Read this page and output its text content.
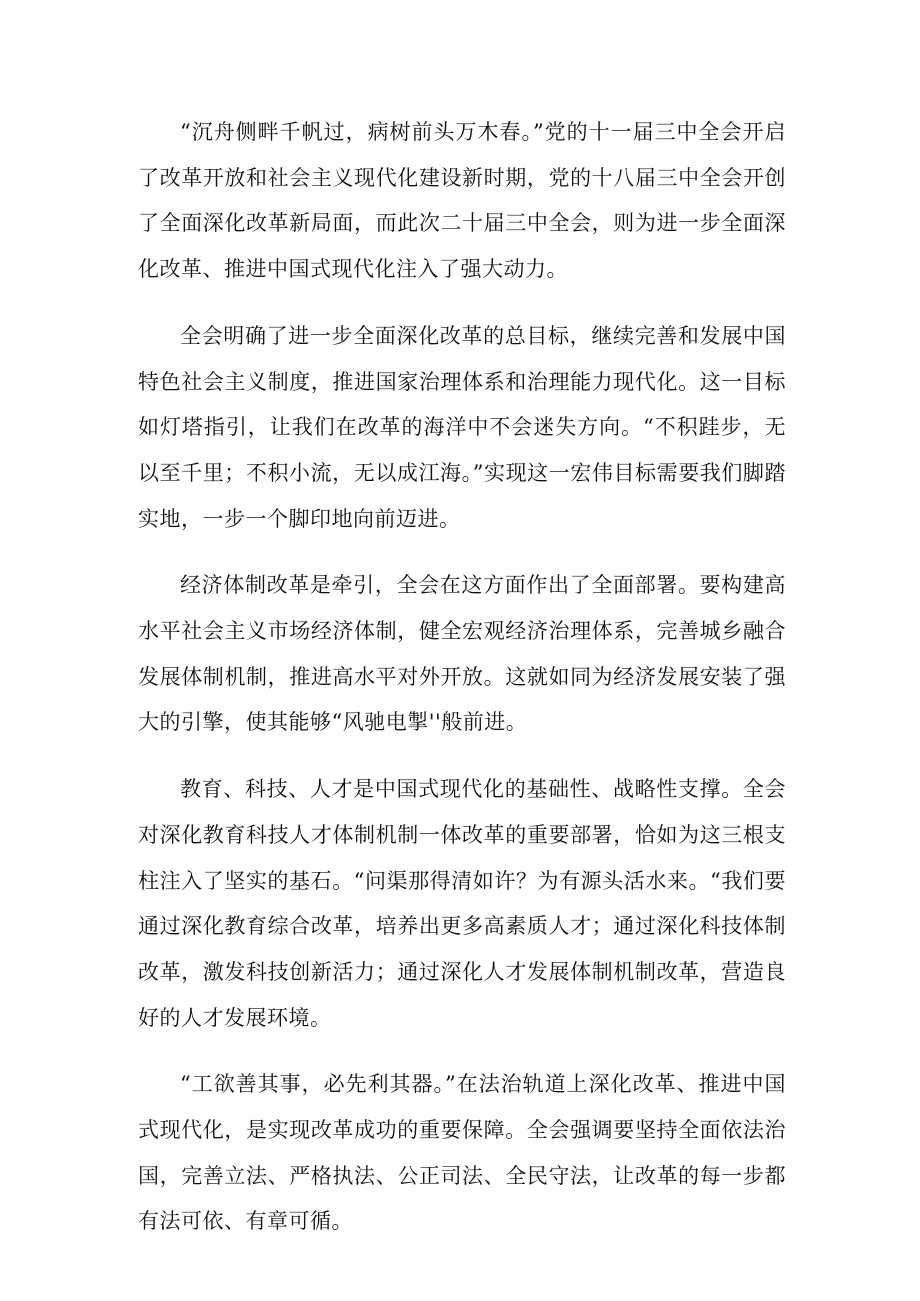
“沉舟侧畔千帆过，病树前头万木春。”党的十一届三中全会开启了改革开放和社会主义现代化建设新时期，党的十八届三中全会开创了全面深化改革新局面，而此次二十届三中全会，则为进一步全面深化改革、推进中国式现代化注入了强大动力。

全会明确了进一步全面深化改革的总目标，继续完善和发展中国特色社会主义制度，推进国家治理体系和治理能力现代化。这一目标如灯塔指引，让我们在改革的海洋中不会迷失方向。“不积跬步，无以至千里；不积小流，无以成江海。”实现这一宏伟目标需要我们脚踏实地，一步一个脚印地向前迈进。

经济体制改革是牵引，全会在这方面作出了全面部署。要构建高水平社会主义市场经济体制，健全宏观经济治理体系，完善城乡融合发展体制机制，推进高水平对外开放。这就如同为经济发展安装了强大的引擎，使其能够“风驰电掣''般前进。

教育、科技、人才是中国式现代化的基础性、战略性支撑。全会对深化教育科技人才体制机制一体改革的重要部署，恰如为这三根支柱注入了坚实的基石。“问渠那得清如许？为有源头活水来。“我们要通过深化教育综合改革，培养出更多高素质人才；通过深化科技体制改革，激发科技创新活力；通过深化人才发展体制机制改革，营造良好的人才发展环境。

“工欲善其事，必先利其器。”在法治轨道上深化改革、推进中国式现代化，是实现改革成功的重要保障。全会强调要坚持全面依法治国，完善立法、严格执法、公正司法、全民守法，让改革的每一步都有法可依、有章可循。
